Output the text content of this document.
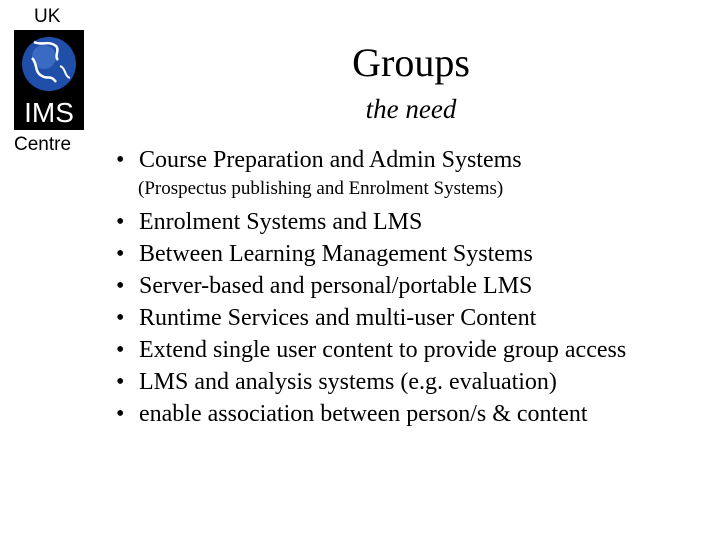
UK
IMS
Centre
Groups
the need
• Course Preparation and Admin Systems
(Prospectus publishing and Enrolment Systems)
• Enrolment Systems and LMS
• Between Learning Management Systems
• Server-based and personal/portable LMS
• Runtime Services and multi-user Content
• Extend single user content to provide group access
• LMS and analysis systems (e.g. evaluation)
• enable association between person/s & content
